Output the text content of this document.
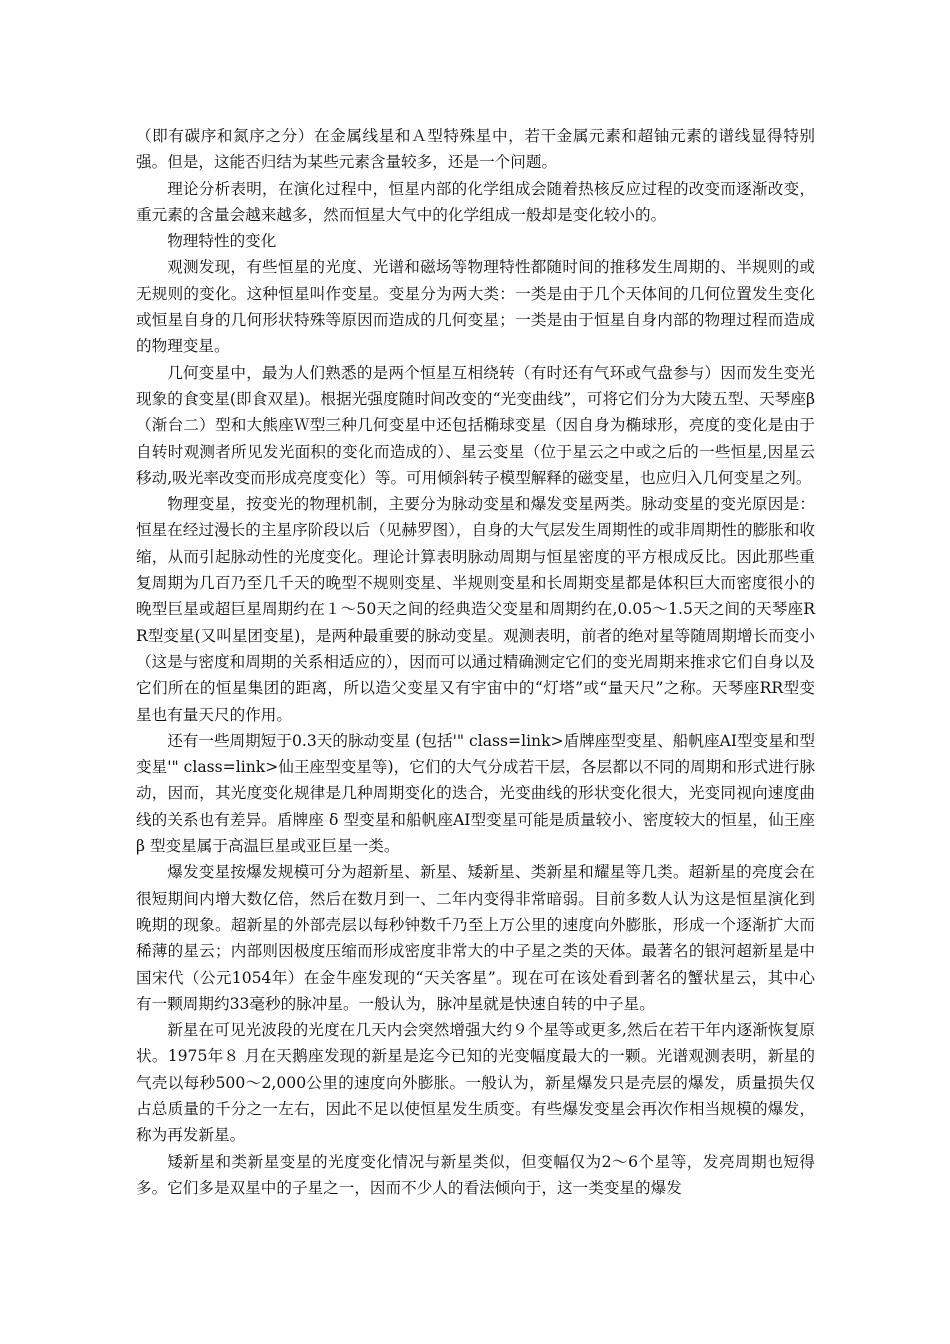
（即有碳序和氮序之分）在金属线星和Ａ型特殊星中，若干金属元素和超铀元素的谱线显得特别强。但是，这能否归结为某些元素含量较多，还是一个问题。

理论分析表明，在演化过程中，恒星内部的化学组成会随着热核反应过程的改变而逐渐改变，重元素的含量会越来越多，然而恒星大气中的化学组成一般却是变化较小的。

物理特性的变化

观测发现，有些恒星的光度、光谱和磁场等物理特性都随时间的推移发生周期的、半规则的或无规则的变化。这种恒星叫作变星。变星分为两大类：一类是由于几个天体间的几何位置发生变化或恒星自身的几何形状特殊等原因而造成的几何变星；一类是由于恒星自身内部的物理过程而造成的物理变星。

几何变星中，最为人们熟悉的是两个恒星互相绕转（有时还有气环或气盘参与）因而发生变光现象的食变星(即食双星)。根据光强度随时间改变的“光变曲线”，可将它们分为大陵五型、天琴座β（渐台二）型和大熊座Ｗ型三种几何变星中还包括椭球变星（因自身为椭球形，亮度的变化是由于自转时观测者所见发光面积的变化而造成的）、星云变星（位于星云之中或之后的一些恒星,因星云移动,吸光率改变而形成亮度变化）等。可用倾斜转子模型解释的磁变星，也应归入几何变星之列。

物理变星，按变光的物理机制，主要分为脉动变星和爆发变星两类。脉动变星的变光原因是：恒星在经过漫长的主星序阶段以后（见赫罗图），自身的大气层发生周期性的或非周期性的膨胀和收缩，从而引起脉动性的光度变化。理论计算表明脉动周期与恒星密度的平方根成反比。因此那些重复周期为几百乃至几千天的晚型不规则变星、半规则变星和长周期变星都是体积巨大而密度很小的晚型巨星或超巨星周期约在１～50天之间的经典造父变星和周期约在,0.05～1.5天之间的天琴座RR型变星(又叫星团变星)，是两种最重要的脉动变星。观测表明，前者的绝对星等随周期增长而变小（这是与密度和周期的关系相适应的），因而可以通过精确测定它们的变光周期来推求它们自身以及它们所在的恒星集团的距离，所以造父变星又有宇宙中的“灯塔”或“量天尺”之称。天琴座RR型变星也有量天尺的作用。

还有一些周期短于0.3天的脉动变星 (包括'" class=link>盾牌座型变星、船帆座AI型变星和型变星'" class=link>仙王座型变星等)，它们的大气分成若干层，各层都以不同的周期和形式进行脉动，因而，其光度变化规律是几种周期变化的迭合，光变曲线的形状变化很大，光变同视向速度曲线的关系也有差异。盾牌座 δ 型变星和船帆座AI型变星可能是质量较小、密度较大的恒星，仙王座 β 型变星属于高温巨星或亚巨星一类。

爆发变星按爆发规模可分为超新星、新星、矮新星、类新星和耀星等几类。超新星的亮度会在很短期间内增大数亿倍，然后在数月到一、二年内变得非常暗弱。目前多数人认为这是恒星演化到晚期的现象。超新星的外部壳层以每秒钟数千乃至上万公里的速度向外膨胀，形成一个逐渐扩大而稀薄的星云；内部则因极度压缩而形成密度非常大的中子星之类的天体。最著名的银河超新星是中国宋代（公元1054年）在金牛座发现的“天关客星”。现在可在该处看到著名的蟹状星云，其中心有一颗周期约33毫秒的脉冲星。一般认为，脉冲星就是快速自转的中子星。

新星在可见光波段的光度在几天内会突然增强大约９个星等或更多,然后在若干年内逐渐恢复原状。1975年８ 月在天鹅座发现的新星是迄今已知的光变幅度最大的一颗。光谱观测表明，新星的气壳以每秒500～2,000公里的速度向外膨胀。一般认为，新星爆发只是壳层的爆发，质量损失仅占总质量的千分之一左右，因此不足以使恒星发生质变。有些爆发变星会再次作相当规模的爆发，称为再发新星。

矮新星和类新星变星的光度变化情况与新星类似，但变幅仅为2～6个星等，发亮周期也短得多。它们多是双星中的子星之一，因而不少人的看法倾向于，这一类变星的爆发
